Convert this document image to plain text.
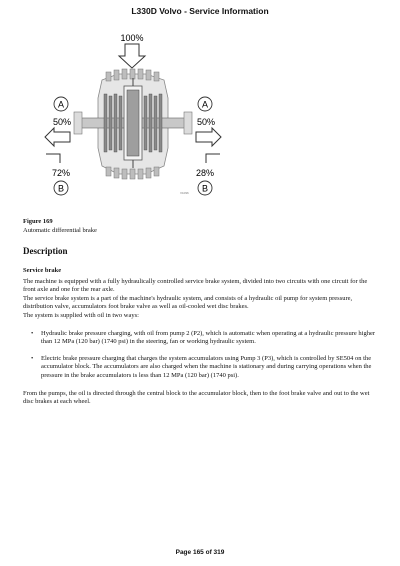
L330D Volvo - Service Information
100%
A
50%
72%
B
A
50%
28%
B
V1096
Figure 169
Automatic differential brake
Description
Service brake

The machine is equipped with a fully hydraulically controlled service brake system, divided into two circuits with one circuit for the front axle and one for the rear axle.

The service brake system is a part of the machine's hydraulic system, and consists of a hydraulic oil pump for system pressure, distribution valve, accumulators foot brake valve as well as oil-cooled wet disc brakes.

The system is supplied with oil in two ways:

• Hydraulic brake pressure charging, with oil from pump 2 (P2), which is automatic when operating at a hydraulic pressure higher than 12 MPa (120 bar) (1740 psi) in the steering, fan or working hydraulic system.
• Electric brake pressure charging that charges the system accumulators using Pump 3 (P3), which is controlled by SE504 on the accumulator block. The accumulators are also charged when the machine is stationary and during carrying operations when the pressure in the brake accumulators is less than 12 MPa (120 bar) (1740 psi).

From the pumps, the oil is directed through the central block to the accumulator block, then to the foot brake valve and out to the wet disc brakes at each wheel.

Page 165 of 319
